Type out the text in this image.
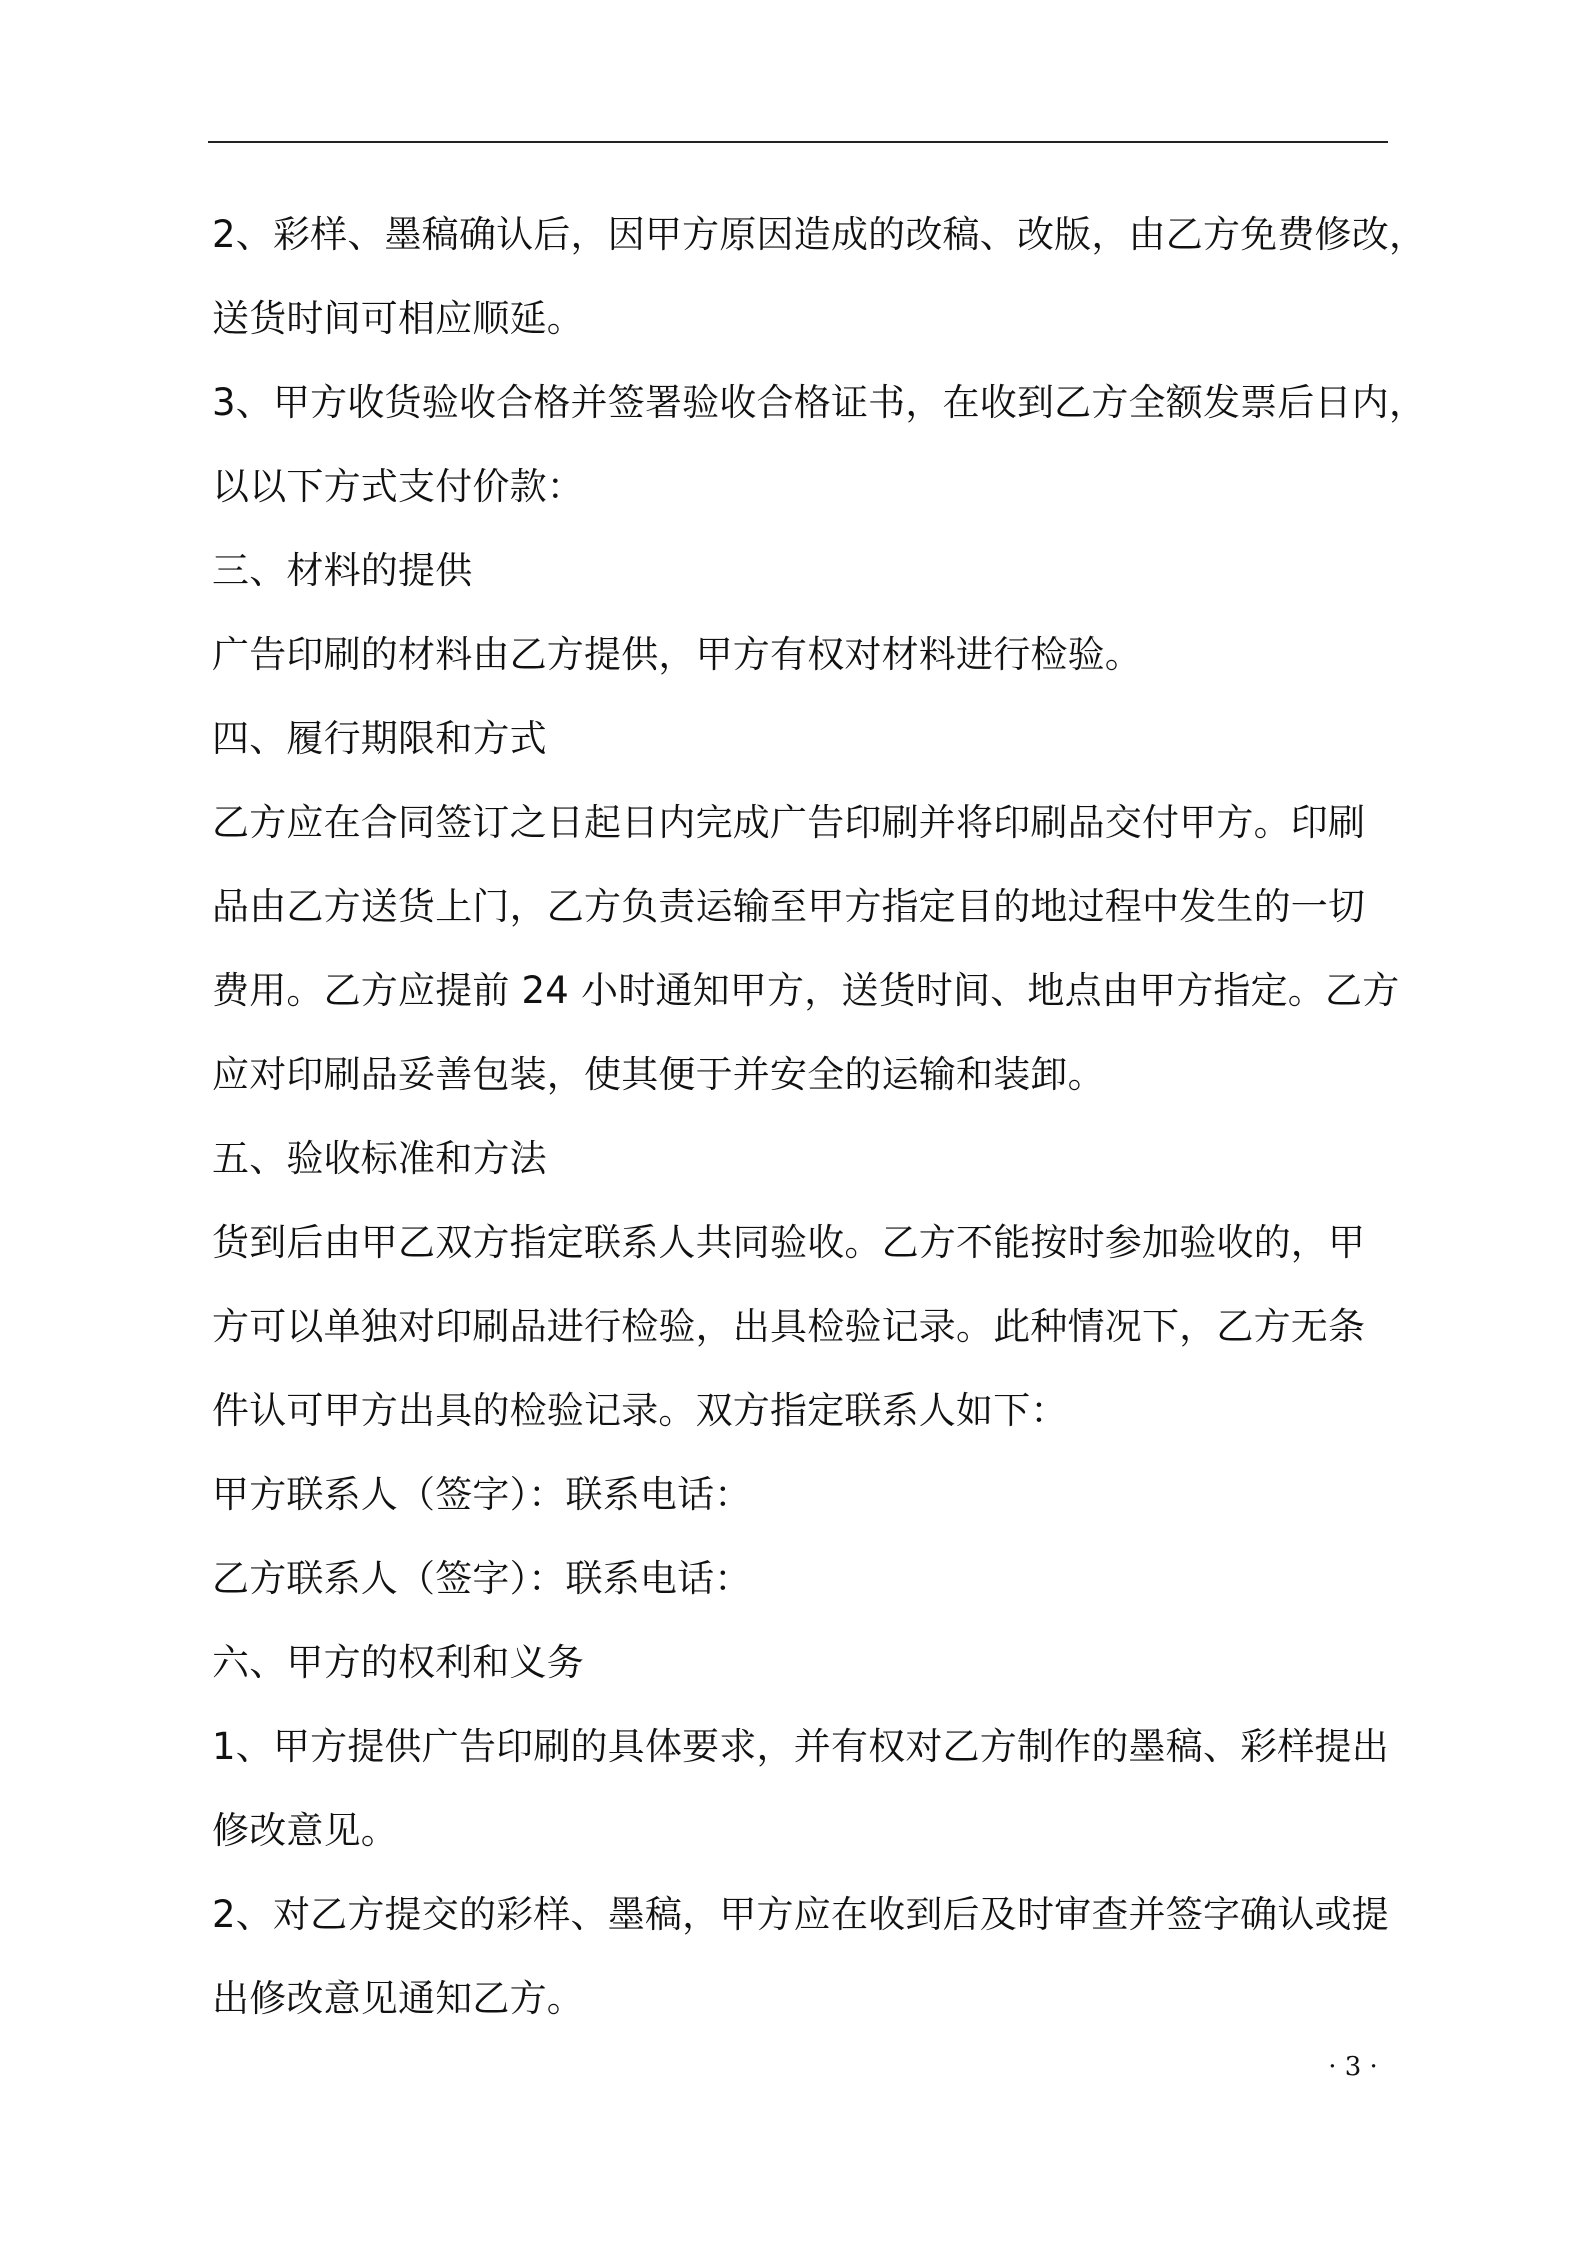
2、彩样、墨稿确认后，因甲方原因造成的改稿、改版，由乙方免费修改，

送货时间可相应顺延。

3、甲方收货验收合格并签署验收合格证书，在收到乙方全额发票后日内，

以以下方式支付价款：

三、材料的提供

广告印刷的材料由乙方提供，甲方有权对材料进行检验。

四、履行期限和方式

乙方应在合同签订之日起日内完成广告印刷并将印刷品交付甲方。印刷

品由乙方送货上门，乙方负责运输至甲方指定目的地过程中发生的一切

费用。乙方应提前 24 小时通知甲方，送货时间、地点由甲方指定。乙方

应对印刷品妥善包装，使其便于并安全的运输和装卸。

五、验收标准和方法

货到后由甲乙双方指定联系人共同验收。乙方不能按时参加验收的，甲

方可以单独对印刷品进行检验，出具检验记录。此种情况下，乙方无条

件认可甲方出具的检验记录。双方指定联系人如下：

甲方联系人（签字）：联系电话：

乙方联系人（签字）：联系电话：

六、甲方的权利和义务

1、甲方提供广告印刷的具体要求，并有权对乙方制作的墨稿、彩样提出

修改意见。

2、对乙方提交的彩样、墨稿，甲方应在收到后及时审查并签字确认或提

出修改意见通知乙方。

· 3 ·
